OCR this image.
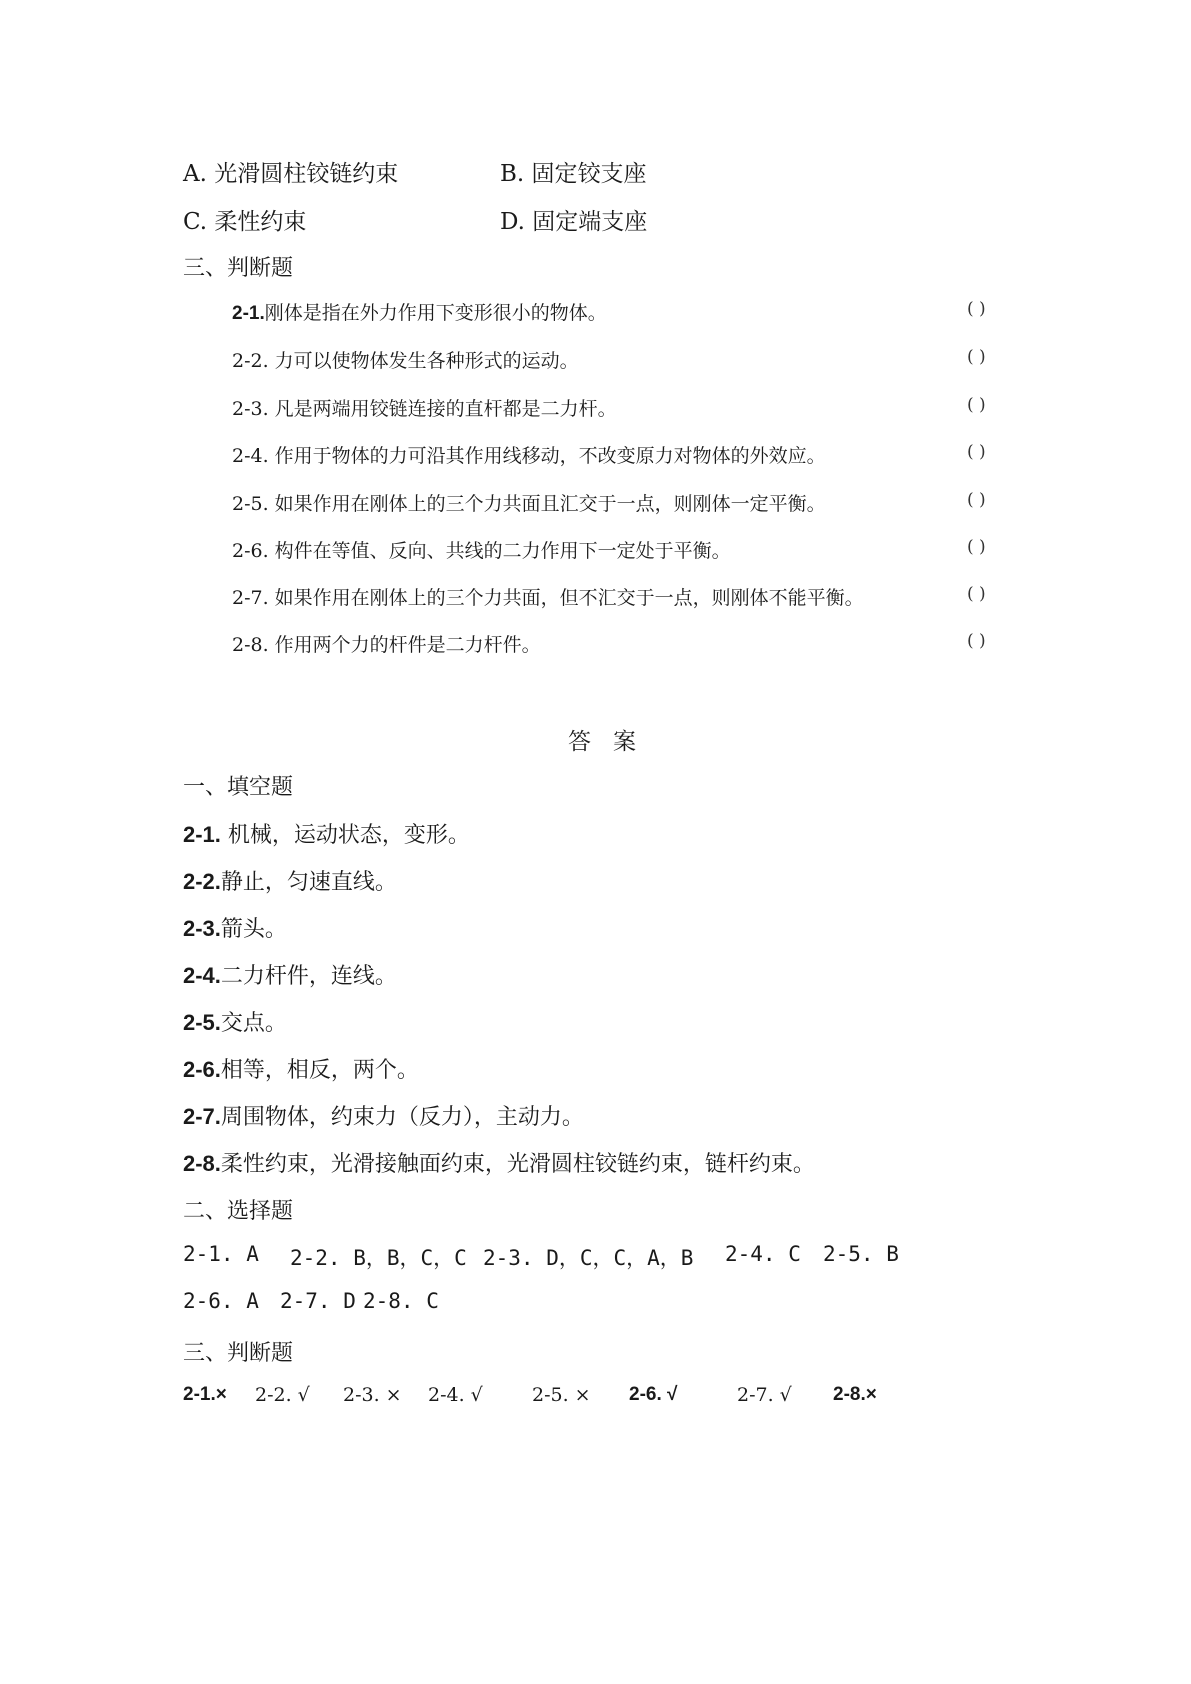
A. 光滑圆柱铰链约束	B. 固定铰支座
C. 柔性约束	D. 固定端支座
三、判断题
2-1.刚体是指在外力作用下变形很小的物体。	( )
2-2. 力可以使物体发生各种形式的运动。	( )
2-3. 凡是两端用铰链连接的直杆都是二力杆。	( )
2-4. 作用于物体的力可沿其作用线移动，不改变原力对物体的外效应。	( )
2-5. 如果作用在刚体上的三个力共面且汇交于一点，则刚体一定平衡。	( )
2-6. 构件在等值、反向、共线的二力作用下一定处于平衡。	( )
2-7. 如果作用在刚体上的三个力共面，但不汇交于一点，则刚体不能平衡。	( )
2-8. 作用两个力的杆件是二力杆件。	( )
答案
一、填空题
2-1. 机械，运动状态，变形。
2-2.静止，匀速直线。
2-3.箭头。
2-4.二力杆件，连线。
2-5.交点。
2-6.相等，相反，两个。
2-7.周围物体，约束力（反力），主动力。
2-8.柔性约束，光滑接触面约束，光滑圆柱铰链约束，链杆约束。
二、选择题
2-1. A 2-2. B，B，C，C 2-3. D，C，C，A，B 2-4. C 2-5. B
2-6. A 2-7. D 2-8. C
三、判断题
2-1.× 2-2. √ 2-3. × 2-4. √	2-5. × 2-6. √	2-7. √ 2-8.×
